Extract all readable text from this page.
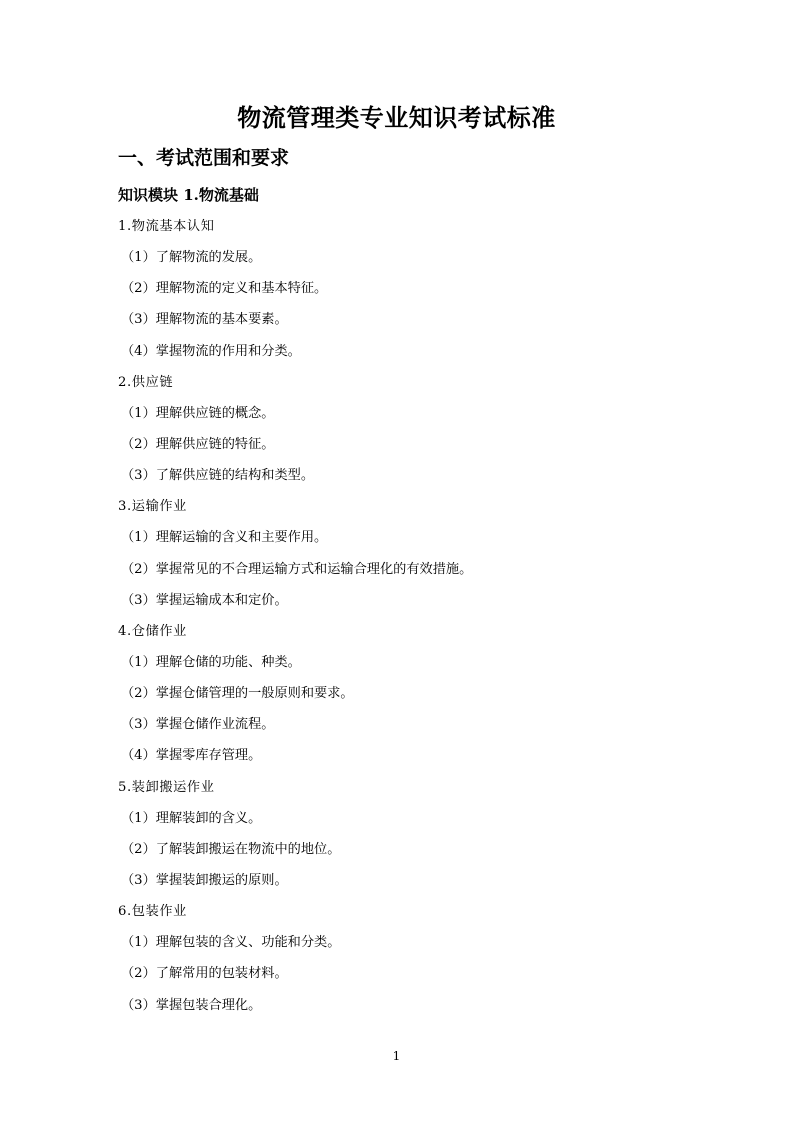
物流管理类专业知识考试标准
一、考试范围和要求
知识模块 1.物流基础
1.物流基本认知
（1）了解物流的发展。
（2）理解物流的定义和基本特征。
（3）理解物流的基本要素。
（4）掌握物流的作用和分类。
2.供应链
（1）理解供应链的概念。
（2）理解供应链的特征。
（3）了解供应链的结构和类型。
3.运输作业
（1）理解运输的含义和主要作用。
（2）掌握常见的不合理运输方式和运输合理化的有效措施。
（3）掌握运输成本和定价。
4.仓储作业
（1）理解仓储的功能、种类。
（2）掌握仓储管理的一般原则和要求。
（3）掌握仓储作业流程。
（4）掌握零库存管理。
5.装卸搬运作业
（1）理解装卸的含义。
（2）了解装卸搬运在物流中的地位。
（3）掌握装卸搬运的原则。
6.包装作业
（1）理解包装的含义、功能和分类。
（2）了解常用的包装材料。
（3）掌握包装合理化。
1
